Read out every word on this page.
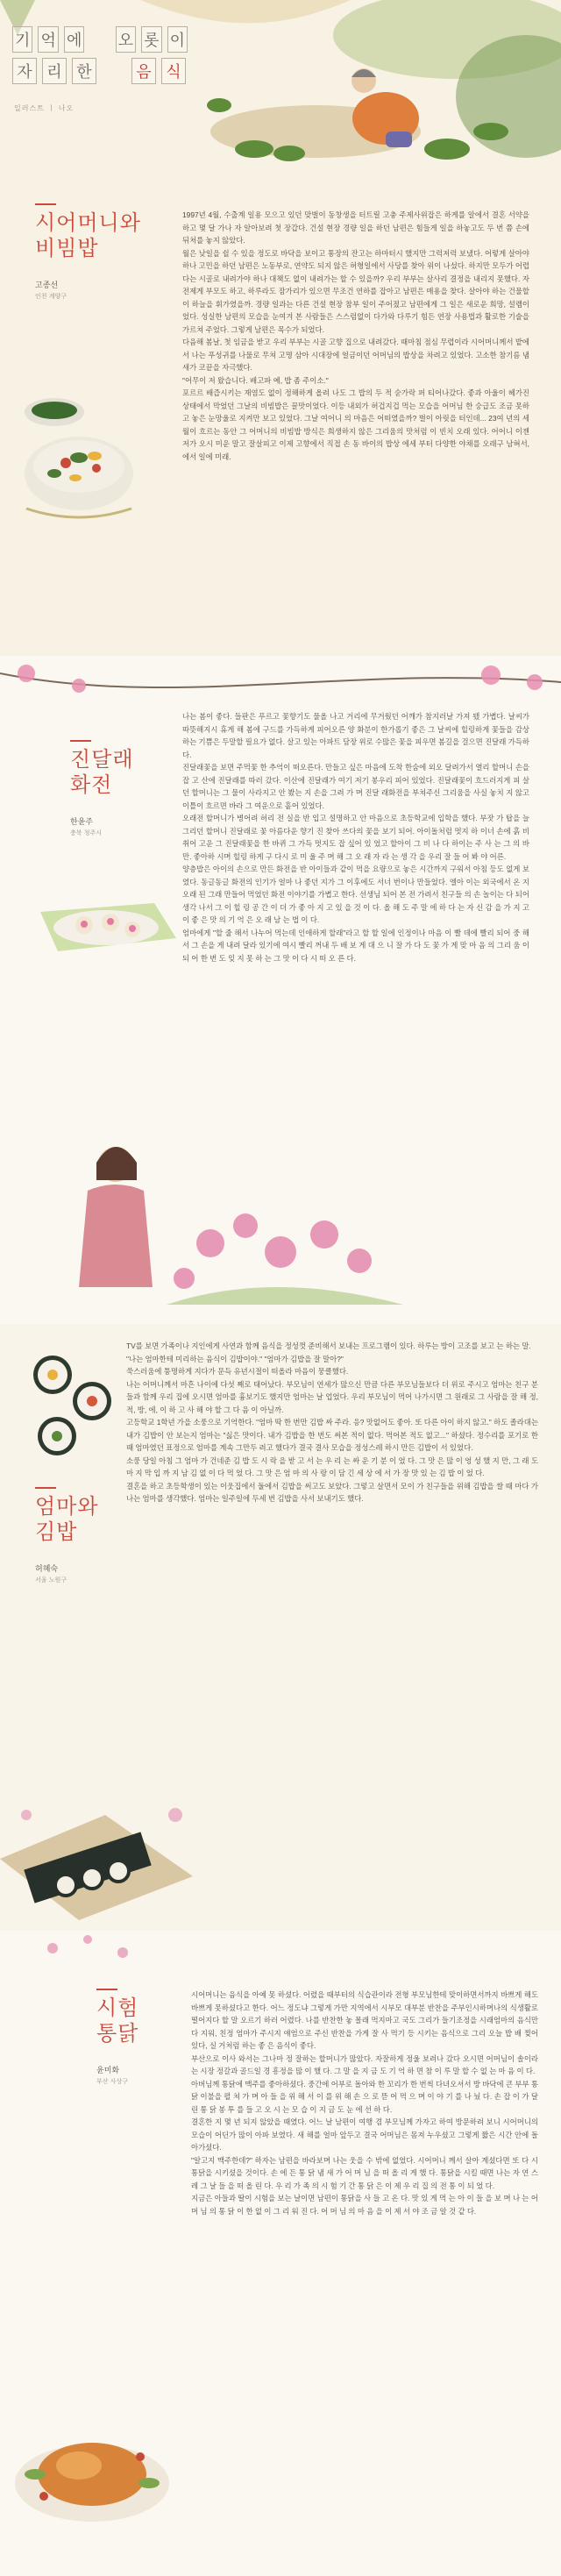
기 억 에 오 롯 이
자 리 한	음 식
일러스트 ㅣ 나오
시어머니와
비빔밥
고종선
인천 계양구

1997년 4월, 수출계 일용 모으고 있던 맞벌이 동창생을 터트릴 고충 주제사위잡은 하게를 알에서 결혼 서약을 하고 몇 달 가나 자 알아보려 첫 장갑다. 건설 현장 경량 일을 하던 남편은 힘들게 일을 하놓고도 두 번 쯤 손에 뒤처를 놓지 않았다.

월은 낮일을 쉴 수 있을 정도로 바닥을 보이고 통장의 잔고는 하마터시 했지만 그럭저럭 보냈다. 어렇게 살아야 하나 고민을 하던 남편은 노동부로, 연약도 되지 않은 허형일에서 사당를 찾아 위이 나섰다. 하지만 모두가 어렵다는 시골로 내려가야 하나 대책도 없이 내려가는 할 수 있을까? 우리 부부는 살사리 결정을 내리지 못했다. 자전제게 부모도 하고, 하루라도 잠가리가 있으면 무조건 연하를 잡아고 남편은 매용을 찾다. 살아야 하는 건물할이 하늘을 휘가였을까. 경량 일과는 다른 건설 현장 참부 일이 주어졌고 남편에게 그 일은 새로운 희망, 설렘이었다. 성실한 남편의 모습을 눈여겨 본 사람들은 스스럼없이 다가와 다루기 힘든 연장 사용법과 활로한 기술을 가르쳐 주었다. 그렇게 남편은 목수가 되었다.

다음해 봄날, 첫 임금을 받고 우리 부부는 시골 고향 집으로 내려갔다. 때마침 점심 무렵이라 시어머니께서 밭에서 나는 푸성귀를 나물로 무쳐 고명 삼아 시대장에 얼금이던 어머님의 밥상을 차려고 있었다. 고소한 참기름 냄새가 코끝을 자극했다.

"어무이 저 왔습니다. 배고파 예, 밥 좀 주이소."

포르르 배즙시키는 재염도 없이 정해하게 올려 나도 그 밥의 두 적 숟가락 퍼 티어나갔다. 좋과 아울이 헤가진 상태에서 막었던 그날의 비빔밥은 꿀맛이었다. 이등 내외가 허겁지겁 먹는 모습을 어머님 한 숭급도 조금 못하고 놓은 눈망울로 지켜만 보고 있었다. 그날 여어니 의 마음은 어떠였을까? 벌이 아릿을 터인데... 23여 년의 세월이 흐르는 동안 그 어머니의 비빔밥 방식은 희생하지 않은 그리움의 맛처럼 이 빈치 오래 있다. 어어니 이젠 저가 오시 미운 말고 잘살피고 이제 고향에서 직접 손 동 바이의 밥상 에세 부터 다양한 야채를 오래구 남혀서, 에서 일에 미래.

진달래
화전
한윤주
충북 청주시

나는 봄이 좋다. 들판은 푸르고 꽃향기도 물올 나고 거리에 무거웠던 어깨가 참지러날 가져 됐 가볍다. 날씨가 따뜻해지시 휴게 해 봄에 구드를 가득하게 피어오른 양 화분이 한가롭기 좋은 그 날씨에 힐링하게 꽃들을 감상하는 기쁨은 두말할 필요가 없다. 살고 있는 아파트 담장 위로 수많은 꽃을 피우면 봄길을 걸으면 진달래 가득하다.

진달래꽃을 보면 주먹꽃 한 추억이 떠오른다. 만들고 싶은 마음에 도착 한숨에 외오 달려가서 열리 할머니 손을 잡 고 산에 진달래를 따러 갔다. 이산에 진달래가 여기 저기 봉우리 피어 있었다. 진달래꽃이 흐드러지게 피 살던 할머니는 그 물이 사라지고 안 봤는 지 손을 그려 가 며 진달 래화전을 부쳐주신 그리움을 사실 놓치 지 않고 이틀이 흐르면 바라 그 여운으로 흩어 있었다.

오래전 할머니가 병어려 허리 전 실을 반 입고 설명하고 안 마음으로 초등학교에 입학을 했다. 부잣 가 탑을 늘 그리던 할머니 진달래로 꽃 아름다운 향기 진 찾아 쓰다의 꽃을 보기 되어. 아이돌처럼 멋지 하 이너 손에 흙 비취어 고운 그 진달래꽃을 한 바퀴 그 가득 멋지도 잡 싶어 있 었고 할아이 그 비 나 다 하이는 주 사 는 그 의 바 만. 좋아하 시며 힐링 하게 구 다시 로 미 울 주 며 해 그 오 래 자 라 는 생 각 을 우리 잘 들 어 봐 야 어른.

양층밥은 아이의 손으로 만든 화전을 반 아이들과 같이 먹을 요량으로 놓은 시간까지 구워서 아침 등도 없게 보였다. 동글동글 화전의 인기가 얼마 나 좋던 지가 그 이후에도 서너 번이나 만들었다. 엘아 이는 외국에서 온 지 오래 된 그래 만들어 먹었던 화전 이야기를 가볍고 한다. 선생님 되어 본 전 가려서 친구들 의 손 놀이는 다 되어 생각 나서 그 이 힐 링 공 간 이 더 가 좋 아 지 고 있 을 것 이 다. 올 해 도 주 말 에 하 다 는 자 신 감 을 가 지 고 이 좋 은 맛 의 기 억 은 오 래 남 는 법 이 다.

엄마에게 "할 줄 해서 나누어 먹는데 인애하게 할래"라고 할 할 일에 인정이나 마음 이 빨 데에 빨리 되어 중 해서 그 손을 게 내려 달라 있기에 여시 빨리 꺼내 두 배 보 게 대 으 니 잘 가 다 도 꽃 가 게 맞 마 음 의 그리 움 이 되 어 한 번 도 잊 지 못 하 는 그 맛 이 다 시 떠 오 른 다.

엄마와
김밥
허혜숙
서울 노원구

TV를 보면 가족이나 지인에게 사연과 함께 음식을 정성껏 준비해서 보내는 프로그램이 있다. 하루는 방이 고조를 보고 는 하는 말.

"나는 엄마한테 미리하는 음식이 김밥이야." "엄마가 김밥을 잘 말아?"

쑥스러움에 퉁명하게 지다가 문득 유년시절이 떠올라 마음이 뭉클했다.

나는 어머니께서 마흔 나이에 다섯 째로 태어났다. 부모님이 연세가 많으신 만큼 다른 부모님들보다 더 위로 주시고 엄마는 친구 분들과 함께 우리 집에 오시면 엄마를 흉보기도 했지만 엄마는 날 업었다. 우리 부모님이 먹어 나가시면 그 원래로 그 사람을 잘 해 정, 적, 방, 에, 이 하 고 사 해 야 할 그 다 음 이 아닐까.

고등학교 1학년 가을 소풍으로 기억한다. "엄마 딱 한 번만 김밥 싸 주라. 응? 맛없어도 좋아. 또 다른 아이 하지 않고." 하도 졸라대는 내가 김밥이 안 보는지 엄마는 "싫은 맛이다. 내가 김밥을 한 번도 써본 적이 없다. 먹어본 적도 없고..." 하셨다. 정수리를 포기로 한 때 엄마였던 표정으로 엄마를 계속 그만두 려고 했다가 결국 결사 모습을 정성스레 하시 만든 김밥이 서 있었다.

소풍 당일 아침 그 엄마 가 건네준 김 밥 도 시 락 을 받 고 서 는 우 리 는 싸 운 기 분 이 었 다. 그 맛 은 많 이 엉 성 했 지 만, 그 래 도 마 지 막 입 까 지 남 김 없 이 다 먹 었 다. 그 맛 은 엄 마 의 사 랑 이 담 긴 세 상 에 서 가 장 맛 있 는 김 밥 이 었 다.

결혼을 하고 초등학생이 있는 이웃집에서 둘에서 김밥을 써고도 보았다. 그렇고 살면서 모이 가 친구들을 위해 김밥을 쌀 때 마다 가 나는 엄마를 생각했다. 엄마는 일주일에 두세 번 김밥을 사서 보내기도 했다.

시험
통닭
윤미화
부산 사상구

시어머니는 음식을 아예 못 하셨다. 어렸을 때부터의 식습관이라 전형 부모님한테 맞이하면서까지 바쁘게 해도 바쁘게 못하셨다고 한다. 어느 정도냐 그렇게 가만 지역에서 시부모 대부분 반찬을 주부인시하며나의 식생활로 떨어지다 할 말 오르기 하러 어렸다. 나를 반찬한 놓 몰래 먹지마고 국도 그리가 들기조정을 시래엄마의 음식만 다 지워, 친정 엄마가 주시지 얘엄으로 주신 반찬을 가게 잘 사 먹기 등 시키는 음식으로 그리 오늘 밥 배 찢어 있다, 실 거처럼 하는 좋 은 음식이 좋다.

부산으로 이사 와서는 그나마 정 잘하는 할머니가 많았다. 자잘하게 정울 보려나 갔다 오시면 어머님이 솔이라는 시장 정갈과 골드일 경 흥정을 많 이 했 다. 그 말 을 지 금 도 기 억 하 면 참 이 루 말 할 수 없 는 마 음 이 다.

아버님께 통닭에 맥주를 좋아하셨다. 중간에 어부로 돌아와 한 꼬리가 한 번씩 다녀오셔서 방 바닥에 큰 부부 통닭 이불을 펼 쳐 가 며 아 들 을 위 해 서 이 를 위 해 손 으 로 뜯 어 먹 으 며 이 야 기 를 나 눴 다. 손 잡 이 가 달 린 통 닭 봉 투 를 들 고 오 시 는 모 습 이 지 금 도 눈 에 선 하 다.

결혼한 지 몇 년 되지 않았을 때였다. 어느 날 남편이 여행 겸 부모님께 가자고 하여 방문하려 보니 시어머니의 모습이 어딘가 많이 아파 보였다. 새 해를 얼마 앞두고 결국 어머님은 몸져 누우셨고 그렇게 짧은 시간 안에 돌아가셨다.

"알고지 맥주한데?" 하자는 남편을 바라보며 나는 웃을 수 밖에 없었다. 시어머니 께서 살아 계셨다면 또 다 시 통닭을 시키셨을 것이다. 손 에 든 통 닭 냄 새 가 어 머 님 을 떠 올 리 게 했 다. 통닭을 시킬 때면 나는 자 연 스 레 그 날 들 을 떠 올 린 다. 우 리 가 족 의 시 험 기 간 통 닭 은 이 제 우 리 집 의 전 통 이 되 었 다.

지금은 아들과 딸이 시험을 보는 날이면 남편이 통닭을 사 들 고 온 다. 맛 있 게 먹 는 아 이 들 을 보 며 나 는 어 머 님 의 통 닭 이 한 없 이 그 리 워 진 다. 어 머 님 의 마 음 을 이 제 서 야 조 금 알 것 같 다.
